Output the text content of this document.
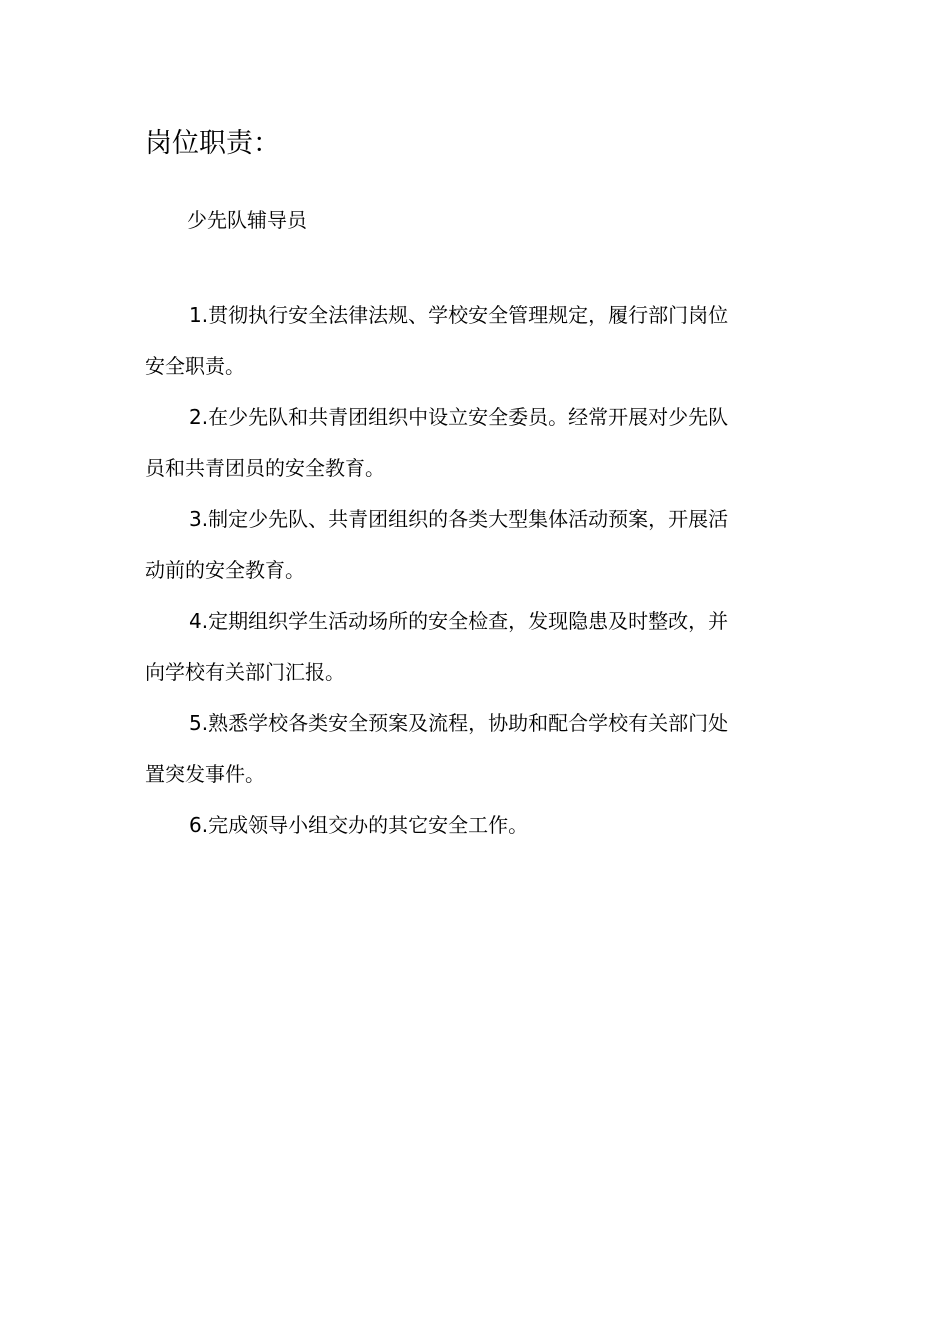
岗位职责：

少先队辅导员

1.贯彻执行安全法律法规、学校安全管理规定，履行部门岗位
安全职责。
2.在少先队和共青团组织中设立安全委员。经常开展对少先队
员和共青团员的安全教育。
3.制定少先队、共青团组织的各类大型集体活动预案，开展活
动前的安全教育。
4.定期组织学生活动场所的安全检查，发现隐患及时整改，并
向学校有关部门汇报。
5.熟悉学校各类安全预案及流程，协助和配合学校有关部门处
置突发事件。
6.完成领导小组交办的其它安全工作。
